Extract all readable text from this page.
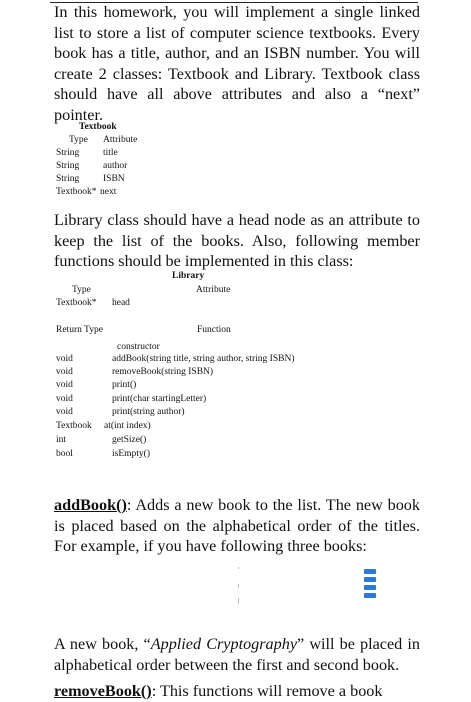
In this homework, you will implement a single linked list to store a list of computer science textbooks. Every book has a title, author, and an ISBN number. You will create 2 classes: Textbook and Library. Textbook class should have all above attributes and also a “next” pointer.

Textbook
Type Attribute
String	title
String	author
String	ISBN
Textbook* next

Library class should have a head node as an attribute to keep the list of the books. Also, following member functions should be implemented in this class:

Library
Type	Attribute
Textbook* head
Return Type	Function
constructor
void	addBook(string title, string author, string ISBN)
void	removeBook(string ISBN)
void	print()
void	print(char startingLetter)
void	print(string author)
Textbook at(int index)
int	getSize()
bool	isEmpty()

addBook(): Adds a new book to the list. The new book is placed based on the alphabetical order of the titles. For example, if you have following three books:

A new book, “Applied Cryptography” will be placed in alphabetical order between the first and second book.

removeBook(): This functions will remove a book
